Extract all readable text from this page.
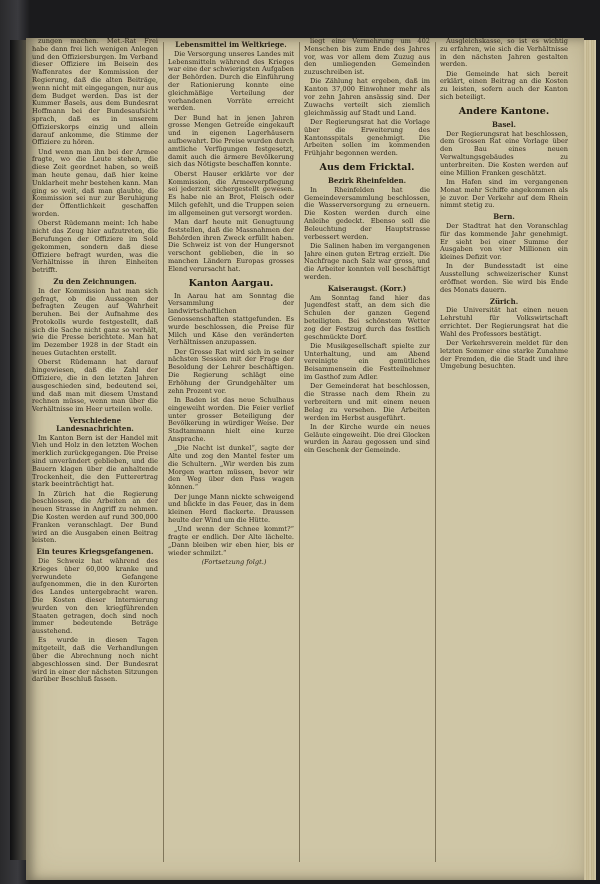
zungen machen. Met.-Rat Frei habe dann frei lich wenigen Anlegen und den Offiziersburgen. Im Verband dieser Offiziere im Beisein des Waffenrates der Kommission der Regierung, daß die alten Beiträge, wenn nicht mit eingegangen, nur aus dem Budget werden. Das ist der Kummer Basels, aus dem Bundesrat Hoffmann bei der Bundesaufsicht sprach, daß es in unserem Offizierskorps einzig und allein darauf ankomme, die Stimme der Offiziere zu hören.

Und wenn man ihn bei der Armee fragte, wo die Leute stehen, die diese Zeit geordnet haben, so weiß man heute genau, daß hier keine Unklarheit mehr bestehen kann. Man ging so weit, daß man glaubte, die Kommission sei nur zur Beruhigung der Öffentlichkeit geschaffen worden.

Oberst Rüdemann meint: Ich habe nicht das Zeug hier aufzutreten, die Berufungen der Offiziere im Sold gekommen, sondern daß diese Offiziere befragt wurden, was die Verhältnisse in ihren Einheiten betrifft.

Zu den Zeichnungen.

In der Kommission hat man sich gefragt, ob die Aussagen der befragten Zeugen auf Wahrheit beruhen. Bei der Aufnahme des Protokolls wurde festgestellt, daß sich die Sache nicht ganz so verhält, wie die Presse berichtete. Man hat im Dezember 1928 in der Stadt ein neues Gutachten erstellt.

Oberst Rüdemann hat darauf hingewiesen, daß die Zahl der Offiziere, die in den letzten Jahren ausgeschieden sind, bedeutend sei, und daß man mit diesem Umstand rechnen müsse, wenn man über die Verhältnisse im Heer urteilen wolle.

Verschiedene Landesnachrichten.

Im Kanton Bern ist der Handel mit Vieh und Holz in den letzten Wochen merklich zurückgegangen. Die Preise sind unverändert geblieben, und die Bauern klagen über die anhaltende Trockenheit, die den Futterertrag stark beeinträchtigt hat.

In Zürich hat die Regierung beschlossen, die Arbeiten an der neuen Strasse in Angriff zu nehmen. Die Kosten werden auf rund 300,000 Franken veranschlagt. Der Bund wird an die Ausgaben einen Beitrag leisten.

Ein teures Kriegsgefangenen.

Die Schweiz hat während des Krieges über 60,000 kranke und verwundete Gefangene aufgenommen, die in den Kurorten des Landes untergebracht waren. Die Kosten dieser Internierung wurden von den kriegführenden Staaten getragen, doch sind noch immer bedeutende Beträge ausstehend.

Es wurde in diesen Tagen mitgeteilt, daß die Verhandlungen über die Abrechnung noch nicht abgeschlossen sind. Der Bundesrat wird in einer der nächsten Sitzungen darüber Beschluß fassen.

Lebensmittel im Weltkriege.

Die Versorgung unseres Landes mit Lebensmitteln während des Krieges war eine der schwierigsten Aufgaben der Behörden. Durch die Einführung der Rationierung konnte eine gleichmäßige Verteilung der vorhandenen Vorräte erreicht werden.

Der Bund hat in jenen Jahren grosse Mengen Getreide eingekauft und in eigenen Lagerhäusern aufbewahrt. Die Preise wurden durch amtliche Verfügungen festgesetzt, damit auch die ärmere Bevölkerung sich das Nötigste beschaffen konnte.

Oberst Hauser erklärte vor der Kommission, die Armeeverpflegung sei jederzeit sichergestellt gewesen. Es habe nie an Brot, Fleisch oder Milch gefehlt, und die Truppen seien im allgemeinen gut versorgt worden.

Man darf heute mit Genugtuung feststellen, daß die Massnahmen der Behörden ihren Zweck erfüllt haben. Die Schweiz ist von der Hungersnot verschont geblieben, die in so manchen Ländern Europas grosses Elend verursacht hat.

Kanton Aargau.

In Aarau hat am Sonntag die Versammlung der landwirtschaftlichen Genossenschaften stattgefunden. Es wurde beschlossen, die Preise für Milch und Käse den veränderten Verhältnissen anzupassen.

Der Grosse Rat wird sich in seiner nächsten Session mit der Frage der Besoldung der Lehrer beschäftigen. Die Regierung schlägt eine Erhöhung der Grundgehälter um zehn Prozent vor.

In Baden ist das neue Schulhaus eingeweiht worden. Die Feier verlief unter grosser Beteiligung der Bevölkerung in würdiger Weise. Der Stadtammann hielt eine kurze Ansprache.

„Die Nacht ist dunkel“, sagte der Alte und zog den Mantel fester um die Schultern. „Wir werden bis zum Morgen warten müssen, bevor wir den Weg über den Pass wagen können.“

Der junge Mann nickte schweigend und blickte in das Feuer, das in dem kleinen Herd flackerte. Draussen heulte der Wind um die Hütte.

„Und wenn der Schnee kommt?“ fragte er endlich. Der Alte lächelte. „Dann bleiben wir eben hier, bis er wieder schmilzt.“

(Fortsetzung folgt.)

liegt eine Vermehrung um 402 Menschen bis zum Ende des Jahres vor, was vor allem dem Zuzug aus den umliegenden Gemeinden zuzuschreiben ist.

Die Zählung hat ergeben, daß im Kanton 37,000 Einwohner mehr als vor zehn Jahren ansässig sind. Der Zuwachs verteilt sich ziemlich gleichmässig auf Stadt und Land.

Der Regierungsrat hat die Vorlage über die Erweiterung des Kantonsspitals genehmigt. Die Arbeiten sollen im kommenden Frühjahr begonnen werden.

Aus dem Fricktal.
Bezirk Rheinfelden.

In Rheinfelden hat die Gemeindeversammlung beschlossen, die Wasserversorgung zu erneuern. Die Kosten werden durch eine Anleihe gedeckt. Ebenso soll die Beleuchtung der Hauptstrasse verbessert werden.

Die Salinen haben im vergangenen Jahre einen guten Ertrag erzielt. Die Nachfrage nach Salz war gross, und die Arbeiter konnten voll beschäftigt werden.

Kaiseraugst. (Korr.)

Am Sonntag fand hier das Jugendfest statt, an dem sich die Schulen der ganzen Gegend beteiligten. Bei schönstem Wetter zog der Festzug durch das festlich geschmückte Dorf.

Die Musikgesellschaft spielte zur Unterhaltung, und am Abend vereinigte ein gemütliches Beisammensein die Festteilnehmer im Gasthof zum Adler.

Der Gemeinderat hat beschlossen, die Strasse nach dem Rhein zu verbreitern und mit einem neuen Belag zu versehen. Die Arbeiten werden im Herbst ausgeführt.

In der Kirche wurde ein neues Geläute eingeweiht. Die drei Glocken wurden in Aarau gegossen und sind ein Geschenk der Gemeinde.

Ausgleichskasse, so ist es wichtig zu erfahren, wie sich die Verhältnisse in den nächsten Jahren gestalten werden.

Die Gemeinde hat sich bereit erklärt, einen Beitrag an die Kosten zu leisten, sofern auch der Kanton sich beteiligt.

Andere Kantone.
Basel.

Der Regierungsrat hat beschlossen, dem Grossen Rat eine Vorlage über den Bau eines neuen Verwaltungsgebäudes zu unterbreiten. Die Kosten werden auf eine Million Franken geschätzt.

Im Hafen sind im vergangenen Monat mehr Schiffe angekommen als je zuvor. Der Verkehr auf dem Rhein nimmt stetig zu.

Bern.

Der Stadtrat hat den Voranschlag für das kommende Jahr genehmigt. Er sieht bei einer Summe der Ausgaben von vier Millionen ein kleines Defizit vor.

In der Bundesstadt ist eine Ausstellung schweizerischer Kunst eröffnet worden. Sie wird bis Ende des Monats dauern.

Zürich.

Die Universität hat einen neuen Lehrstuhl für Volkswirtschaft errichtet. Der Regierungsrat hat die Wahl des Professors bestätigt.

Der Verkehrsverein meldet für den letzten Sommer eine starke Zunahme der Fremden, die die Stadt und ihre Umgebung besuchten.
